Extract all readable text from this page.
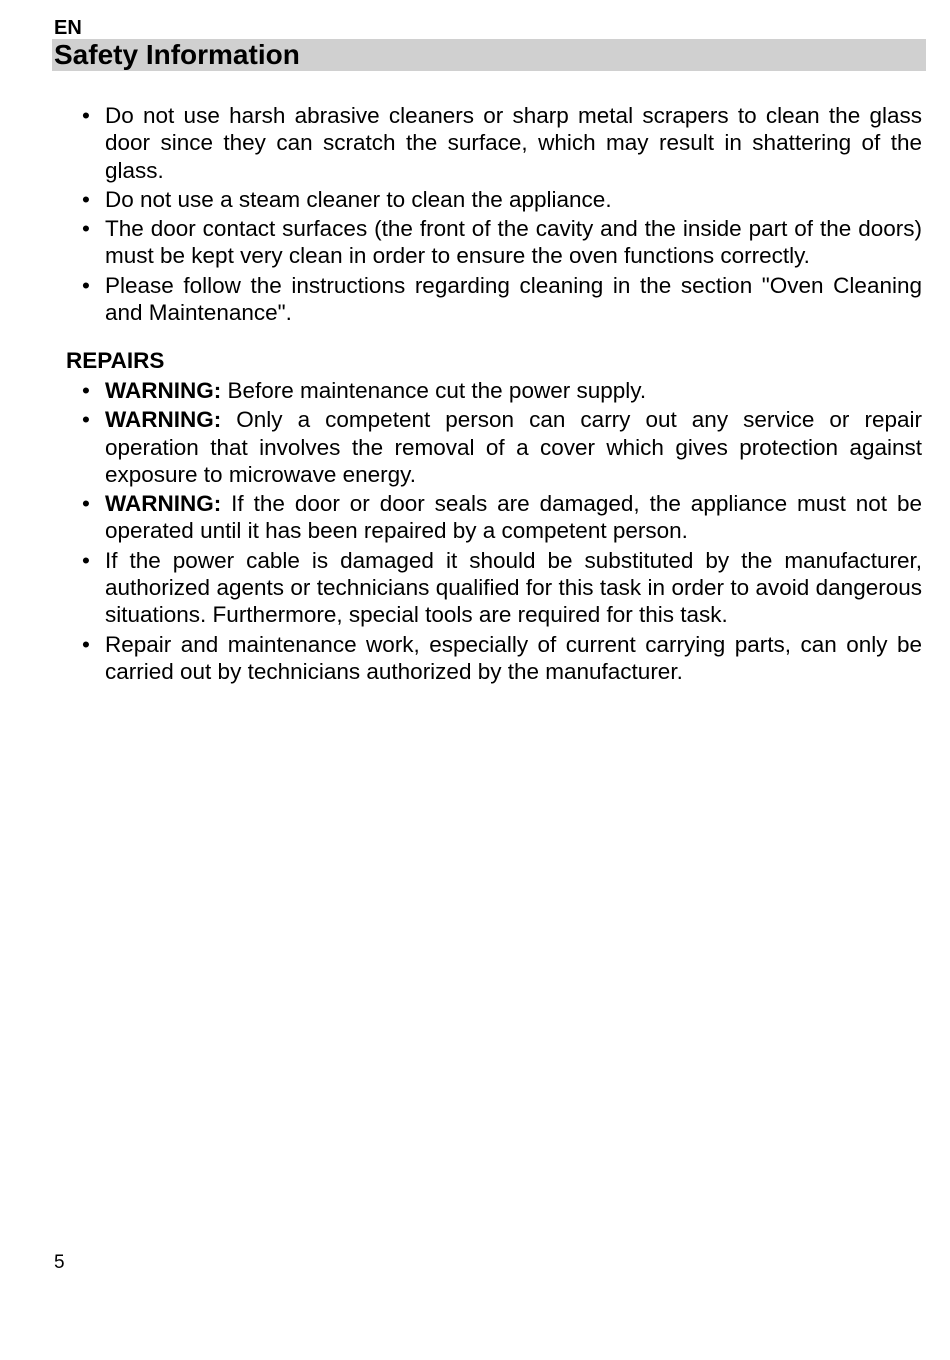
EN
Safety Information
• Do not use harsh abrasive cleaners or sharp metal scrapers to clean the glass door since they can scratch the surface, which may result in shattering of the glass.
• Do not use a steam cleaner to clean the appliance.
• The door contact surfaces (the front of the cavity and the inside part of the doors) must be kept very clean in order to ensure the oven functions correctly.
• Please follow the instructions regarding cleaning in the section "Oven Cleaning and Maintenance".
REPAIRS
• WARNING: Before maintenance cut the power supply.
• WARNING: Only a competent person can carry out any service or repair operation that involves the removal of a cover which gives protection against exposure to microwave energy.
• WARNING: If the door or door seals are damaged, the appliance must not be operated until it has been repaired by a competent person.
• If the power cable is damaged it should be substituted by the manufacturer, authorized agents or technicians qualified for this task in order to avoid dangerous situations. Furthermore, special tools are required for this task.
• Repair and maintenance work, especially of current carrying parts, can only be carried out by technicians authorized by the manufacturer.
5
